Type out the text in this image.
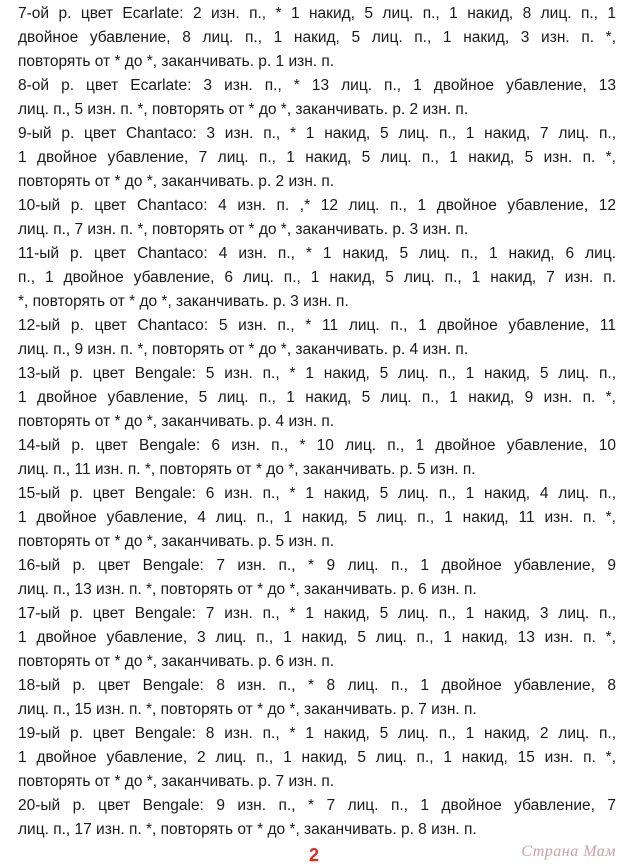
7-ой р. цвет Ecarlate: 2 изн. п., * 1 накид, 5 лиц. п., 1 накид, 8 лиц. п., 1
двойное убавление, 8 лиц. п., 1 накид, 5 лиц. п., 1 накид, 3 изн. п. *,
повторять от * до *, заканчивать. р. 1 изн. п.
8-ой р. цвет Ecarlate: 3 изн. п., * 13 лиц. п., 1 двойное убавление, 13
лиц. п., 5 изн. п. *, повторять от * до *, заканчивать. р. 2 изн. п.
9-ый р. цвет Chantaco: 3 изн. п., * 1 накид, 5 лиц. п., 1 накид, 7 лиц. п.,
1 двойное убавление, 7 лиц. п., 1 накид, 5 лиц. п., 1 накид, 5 изн. п. *,
повторять от * до *, заканчивать. р. 2 изн. п.
10-ый р. цвет Chantaco: 4 изн. п. ,* 12 лиц. п., 1 двойное убавление, 12
лиц. п., 7 изн. п. *, повторять от * до *, заканчивать. р. 3 изн. п.
11-ый р. цвет Chantaco: 4 изн. п., * 1 накид, 5 лиц. п., 1 накид, 6 лиц.
п., 1 двойное убавление, 6 лиц. п., 1 накид, 5 лиц. п., 1 накид, 7 изн. п.
*, повторять от * до *, заканчивать. р. 3 изн. п.
12-ый р. цвет Chantaco: 5 изн. п., * 11 лиц. п., 1 двойное убавление, 11
лиц. п., 9 изн. п. *, повторять от * до *, заканчивать. р. 4 изн. п.
13-ый р. цвет Bengale: 5 изн. п., * 1 накид, 5 лиц. п., 1 накид, 5 лиц. п.,
1 двойное убавление, 5 лиц. п., 1 накид, 5 лиц. п., 1 накид, 9 изн. п. *,
повторять от * до *, заканчивать. р. 4 изн. п.
14-ый р. цвет Bengale: 6 изн. п., * 10 лиц. п., 1 двойное убавление, 10
лиц. п., 11 изн. п. *, повторять от * до *, заканчивать. р. 5 изн. п.
15-ый р. цвет Bengale: 6 изн. п., * 1 накид, 5 лиц. п., 1 накид, 4 лиц. п.,
1 двойное убавление, 4 лиц. п., 1 накид, 5 лиц. п., 1 накид, 11 изн. п. *,
повторять от * до *, заканчивать. р. 5 изн. п.
16-ый р. цвет Bengale: 7 изн. п., * 9 лиц. п., 1 двойное убавление, 9
лиц. п., 13 изн. п. *, повторять от * до *, заканчивать. р. 6 изн. п.
17-ый р. цвет Bengale: 7 изн. п., * 1 накид, 5 лиц. п., 1 накид, 3 лиц. п.,
1 двойное убавление, 3 лиц. п., 1 накид, 5 лиц. п., 1 накид, 13 изн. п. *,
повторять от * до *, заканчивать. р. 6 изн. п.
18-ый р. цвет Bengale: 8 изн. п., * 8 лиц. п., 1 двойное убавление, 8
лиц. п., 15 изн. п. *, повторять от * до *, заканчивать. р. 7 изн. п.
19-ый р. цвет Bengale: 8 изн. п., * 1 накид, 5 лиц. п., 1 накид, 2 лиц. п.,
1 двойное убавление, 2 лиц. п., 1 накид, 5 лиц. п., 1 накид, 15 изн. п. *,
повторять от * до *, заканчивать. р. 7 изн. п.
20-ый р. цвет Bengale: 9 изн. п., * 7 лиц. п., 1 двойное убавление, 7
лиц. п., 17 изн. п. *, повторять от * до *, заканчивать. р. 8 изн. п.
2	Страна Мам
